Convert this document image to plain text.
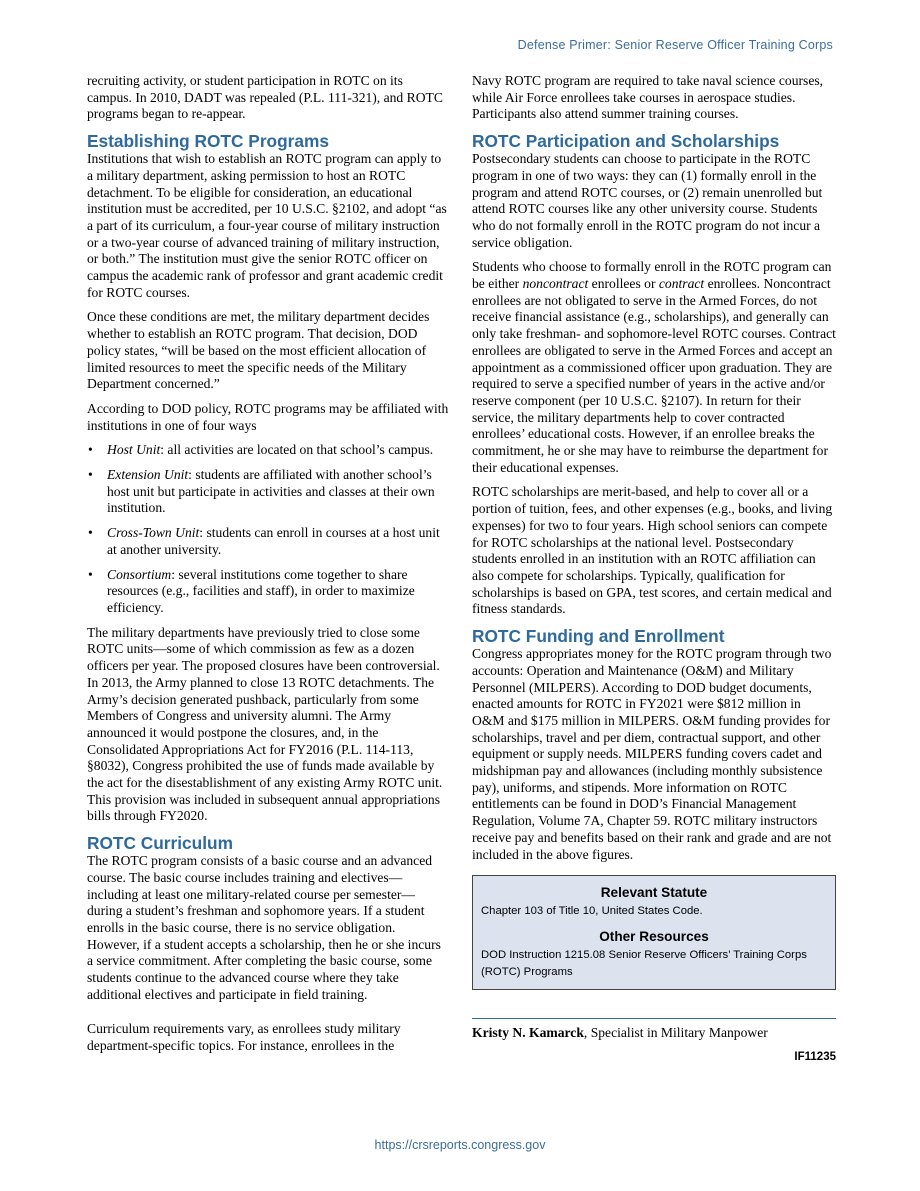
Defense Primer: Senior Reserve Officer Training Corps

recruiting activity, or student participation in ROTC on its campus. In 2010, DADT was repealed (P.L. 111-321), and ROTC programs began to re-appear.

Establishing ROTC Programs

Institutions that wish to establish an ROTC program can apply to a military department, asking permission to host an ROTC detachment. To be eligible for consideration, an educational institution must be accredited, per 10 U.S.C. §2102, and adopt “as a part of its curriculum, a four-year course of military instruction or a two-year course of advanced training of military instruction, or both.” The institution must give the senior ROTC officer on campus the academic rank of professor and grant academic credit for ROTC courses.

Once these conditions are met, the military department decides whether to establish an ROTC program. That decision, DOD policy states, “will be based on the most efficient allocation of limited resources to meet the specific needs of the Military Department concerned.”

According to DOD policy, ROTC programs may be affiliated with institutions in one of four ways

• Host Unit: all activities are located on that school’s campus.
• Extension Unit: students are affiliated with another school’s host unit but participate in activities and classes at their own institution.
• Cross-Town Unit: students can enroll in courses at a host unit at another university.
• Consortium: several institutions come together to share resources (e.g., facilities and staff), in order to maximize efficiency.

The military departments have previously tried to close some ROTC units—some of which commission as few as a dozen officers per year. The proposed closures have been controversial. In 2013, the Army planned to close 13 ROTC detachments. The Army’s decision generated pushback, particularly from some Members of Congress and university alumni. The Army announced it would postpone the closures, and, in the Consolidated Appropriations Act for FY2016 (P.L. 114-113, §8032), Congress prohibited the use of funds made available by the act for the disestablishment of any existing Army ROTC unit. This provision was included in subsequent annual appropriations bills through FY2020.

ROTC Curriculum

The ROTC program consists of a basic course and an advanced course. The basic course includes training and electives—including at least one military-related course per semester—during a student’s freshman and sophomore years. If a student enrolls in the basic course, there is no service obligation. However, if a student accepts a scholarship, then he or she incurs a service commitment. After completing the basic course, some students continue to the advanced course where they take additional electives and participate in field training.

Curriculum requirements vary, as enrollees study military department-specific topics. For instance, enrollees in the

Navy ROTC program are required to take naval science courses, while Air Force enrollees take courses in aerospace studies. Participants also attend summer training courses.

ROTC Participation and Scholarships

Postsecondary students can choose to participate in the ROTC program in one of two ways: they can (1) formally enroll in the program and attend ROTC courses, or (2) remain unenrolled but attend ROTC courses like any other university course. Students who do not formally enroll in the ROTC program do not incur a service obligation.

Students who choose to formally enroll in the ROTC program can be either noncontract enrollees or contract enrollees. Noncontract enrollees are not obligated to serve in the Armed Forces, do not receive financial assistance (e.g., scholarships), and generally can only take freshman- and sophomore-level ROTC courses. Contract enrollees are obligated to serve in the Armed Forces and accept an appointment as a commissioned officer upon graduation. They are required to serve a specified number of years in the active and/or reserve component (per 10 U.S.C. §2107). In return for their service, the military departments help to cover contracted enrollees’ educational costs. However, if an enrollee breaks the commitment, he or she may have to reimburse the department for their educational expenses.

ROTC scholarships are merit-based, and help to cover all or a portion of tuition, fees, and other expenses (e.g., books, and living expenses) for two to four years. High school seniors can compete for ROTC scholarships at the national level. Postsecondary students enrolled in an institution with an ROTC affiliation can also compete for scholarships. Typically, qualification for scholarships is based on GPA, test scores, and certain medical and fitness standards.

ROTC Funding and Enrollment

Congress appropriates money for the ROTC program through two accounts: Operation and Maintenance (O&M) and Military Personnel (MILPERS). According to DOD budget documents, enacted amounts for ROTC in FY2021 were $812 million in O&M and $175 million in MILPERS. O&M funding provides for scholarships, travel and per diem, contractual support, and other equipment or supply needs. MILPERS funding covers cadet and midshipman pay and allowances (including monthly subsistence pay), uniforms, and stipends. More information on ROTC entitlements can be found in DOD’s Financial Management Regulation, Volume 7A, Chapter 59. ROTC military instructors receive pay and benefits based on their rank and grade and are not included in the above figures.

Relevant Statute
Chapter 103 of Title 10, United States Code.
Other Resources
DOD Instruction 1215.08 Senior Reserve Officers’ Training Corps (ROTC) Programs
Kristy N. Kamarck, Specialist in Military Manpower
IF11235
https://crsreports.congress.gov
